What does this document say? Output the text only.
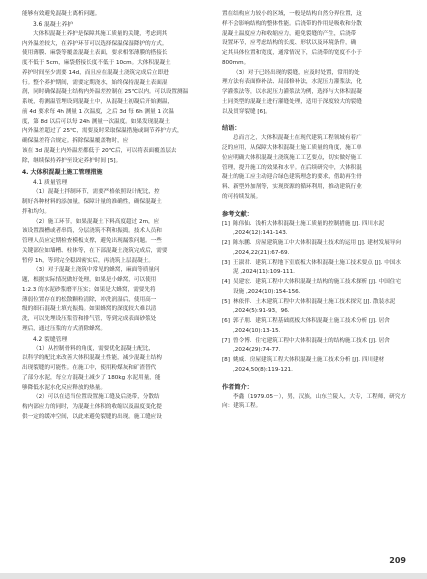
能够有效避免混凝土离析问题。

3.6 混凝土养护

大体积混凝土养护是保障其施工质量的关键，考虑到其

内外温差较大，在养护环节可以选择保温保湿降护的方式。

使用薄膜、麻袋等覆盖混凝土表面，要求相邻薄膜的搭接长

度不低于 5cm，麻袋搭接长度不低于 10cm。大体积混凝土

养护时间至少需要 14d，而且应在混凝土浇筑完成后立即进

行。整个养护期间，需要定期浇水，始终保持混凝土表面湿

润，同时确保混凝土结构内外温差控制在 25℃以内。可以设置测温

系统，将测温管埋设到混凝土中，从混凝土初凝后开始测温，

前 4d 要求每 4h 测量 1 次温度，之后 3d 每 6h 测量 1 次温

度，第 8d 以后可以每 24h 测量一次温度。如果发现混凝土

内外温差超过了 25℃，需要及时采取保温措施或调节养护方式，

确保温差符合规定。拆除保温覆盖物时，应

该在 3d 混凝土内外温差都低于 20℃后，可以将表面覆盖层去

除，继续保持养护至设定养护时间 [5]。

4. 大体积混凝土施工管理措施
4.1 质量管理

（1）混凝土拌制环节，需要严格依照设计配比，控

制好各种材料的添加量，保障计量的准确性，确保混凝土

拌和均匀。

（2）施工环节，如果混凝土下料高度超过 2m，应

该设置溜槽或者串筒，分层浇筑不利和振捣。技术人员和

管理人员应定期检查模板支撑，避免出现漏浆问题。一些

关键部位如墙槽、柱体等，在下部混凝土浇筑完成后，需要

暂停 1h，等到完全稳固密实后，再浇筑上层混凝土。

（3）对于混凝土浇筑中常见的蜂窝，麻面等质量问

题，根据实际情况做好处理，如果是小蜂窝，可以使用

1:2.3 的水泥砂浆磨平压实；如果是大蜂窝，需要先将

薄弱位置存在的松散颗粒清除，冲洗润湿后，使用高一

级的细石混凝土填充振捣。如果蜂窝的深度较大难以清

洗，可以先埋设压浆管和排气管，等到完成表面砂浆处

理后，通过压浆的方式消除蜂窝。

4.2 裂缝管理

（1）从控制骨料的角度，需要优化混凝土配比，

以科学的配比来改善大体积混凝土性能，减少混凝土结构

出现裂缝的可能性。在施工中，使用粉煤灰和矿渣替代

了部分水泥，每立方混凝土减少了 180kg 水泥用量，能

够降低水泥水化反应释放的热量。

（2）可以在适当位置设置施工缝及后浇带，分散结

构内部应力的同时，为混凝土体积的收缩以及温度变化提

供一定的缓冲空间，以此来避免裂缝的出现。施工缝应设

置在结构应力较小的区域，一般是结构自然分界位置，这

样不会影响结构的整体性能。后浇带的作用是吸收和分散

混凝土温度应力和收缩应力，避免裂缝的产生，后浇带

设置环节，应考虑结构的长度、形状以及环境条件，确

定其具体位置和宽度，通常情况下，后浇带的宽度不小于

800mm。

（3）对于已经出现的裂缝，应及时处置，常用的处

理方法有表面修补法、局部修补法，水泥压力灌浆法，化

学灌浆法等，以水泥压力灌浆法为例，选择与大体积混凝

土同类型的混凝土进行灌缝处理，适用于深度较大的裂缝

以及贯穿裂缝 [6]。

结语：

总而言之，大体积混凝土在现代建筑工程领域有着广

泛的应用，从保障大体积混凝土施工质量的角度，施工单

位应明确大体积混凝土浇筑施工工艺要点，切实做好施工

管理，提升施工的效果和水平。在后续研究中，大体积混

凝土的施工应主动迎合绿色建筑理念的要求，借助再生骨

料、新型外加剂等，实现资源的循环利用，推动建筑行业

的可持续发展。

参考文献：

[1] 陈伟仙．浅析大体积混凝土施工质量的控制措施 [J]. 四川水泥 ,2024(12):141-143.

[2] 陈东鹏．房屋建筑施工中大体积混凝土技术的运用 [J]. 建材发展导向 ,2024,22(21):67-69.

[3] 王淑君．建筑工程地下室底板大体积混凝土施工技术要点 [J]. 中国水泥 ,2024(11):109-111.

[4] 吴建宏．建筑工程中大体积混凝土结构的施工技术探析 [J]. 中国住宅设施 ,2024(10):154-156.

[5] 林依伴．土木建筑工程中大体积混凝土施工技术探究 [J]. 散装水泥 ,2024(5):91-93，96.

[6] 郭子朋．建筑工程基础底板大体积混凝土施工技术分析 [J]. 居舍 ,2024(10):13-15.

[7] 曾令博．住宅建筑工程中大体积混凝土的结构施工技术 [J]. 居舍 ,2024(29):74-77.

[8] 姚威．房屋建筑工程大体积混凝土施工技术分析 [J]. 四川建材 ,2024,50(8):119-121.

作者简介：

李鑫（1979.05－），男，汉族，山东兰陵人，大专，工程师，研究方向：建筑工程。

209
